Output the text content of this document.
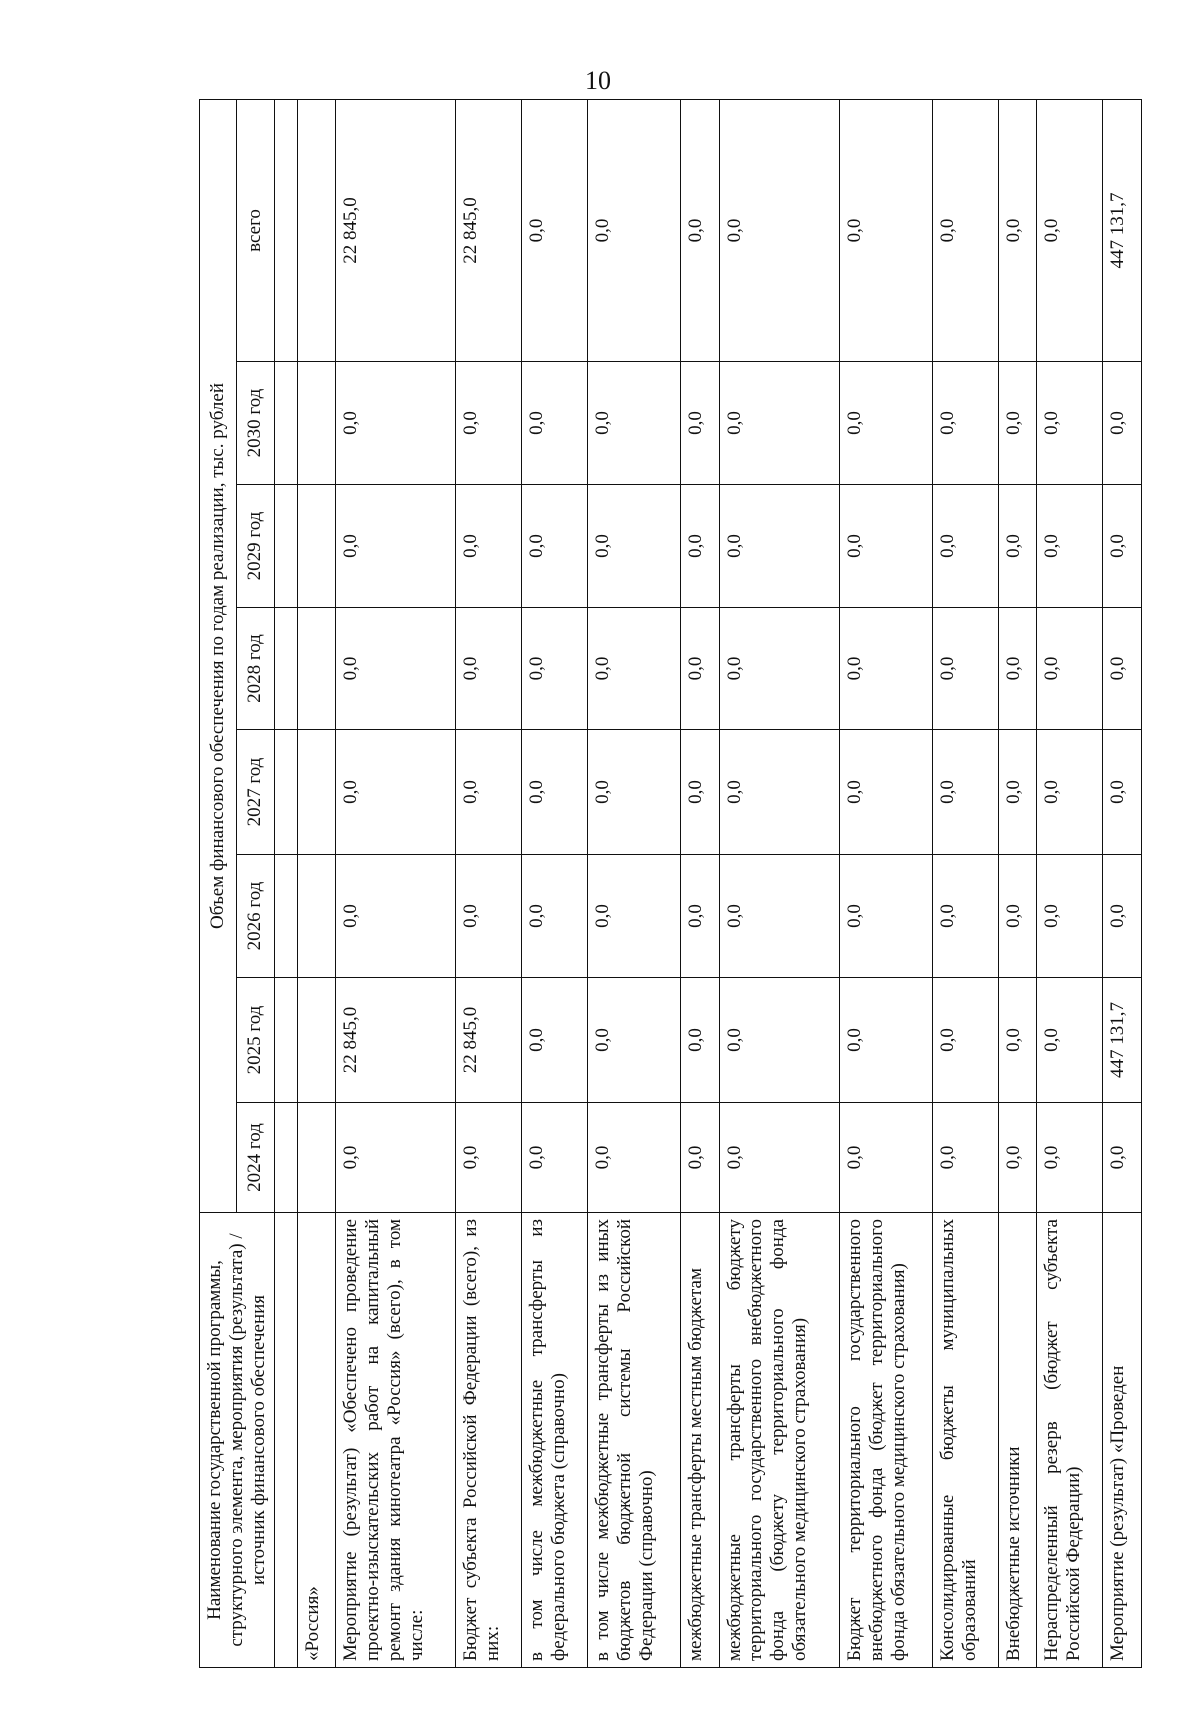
10
Наименование государственной программы, структурного элемента, мероприятия (результата) / источник финансового обеспечения	Объем финансового обеспечения по годам реализации, тыс. рублей							
	2024 год	2025 год	2026 год	2027 год	2028 год	2029 год	2030 год	всего

«Россия»								
Мероприятие (результат) «Обеспечено проведение проектно-изыскательских работ на капитальный ремонт здания кинотеатра «Россия» (всего), в том числе:	0,0	22 845,0	0,0	0,0	0,0	0,0	0,0	22 845,0
Бюджет субъекта Российской Федерации (всего), из них:	0,0	22 845,0	0,0	0,0	0,0	0,0	0,0	22 845,0
в том числе межбюджетные трансферты из федерального бюджета (справочно)	0,0	0,0	0,0	0,0	0,0	0,0	0,0	0,0
в том числе межбюджетные трансферты из иных бюджетов бюджетной системы Российской Федерации (справочно)	0,0	0,0	0,0	0,0	0,0	0,0	0,0	0,0
межбюджетные трансферты местным бюджетам	0,0	0,0	0,0	0,0	0,0	0,0	0,0	0,0
межбюджетные трансферты бюджету территориального государственного внебюджетного фонда (бюджету территориального фонда обязательного медицинского страхования)	0,0	0,0	0,0	0,0	0,0	0,0	0,0	0,0
Бюджет территориального государственного внебюджетного фонда (бюджет территориального фонда обязательного медицинского страхования)	0,0	0,0	0,0	0,0	0,0	0,0	0,0	0,0
Консолидированные бюджеты муниципальных образований	0,0	0,0	0,0	0,0	0,0	0,0	0,0	0,0
Внебюджетные источники	0,0	0,0	0,0	0,0	0,0	0,0	0,0	0,0
Нераспределенный резерв (бюджет субъекта Российской Федерации)	0,0	0,0	0,0	0,0	0,0	0,0	0,0	0,0
Мероприятие (результат) «Проведен	0,0	447 131,7	0,0	0,0	0,0	0,0	0,0	447 131,7
